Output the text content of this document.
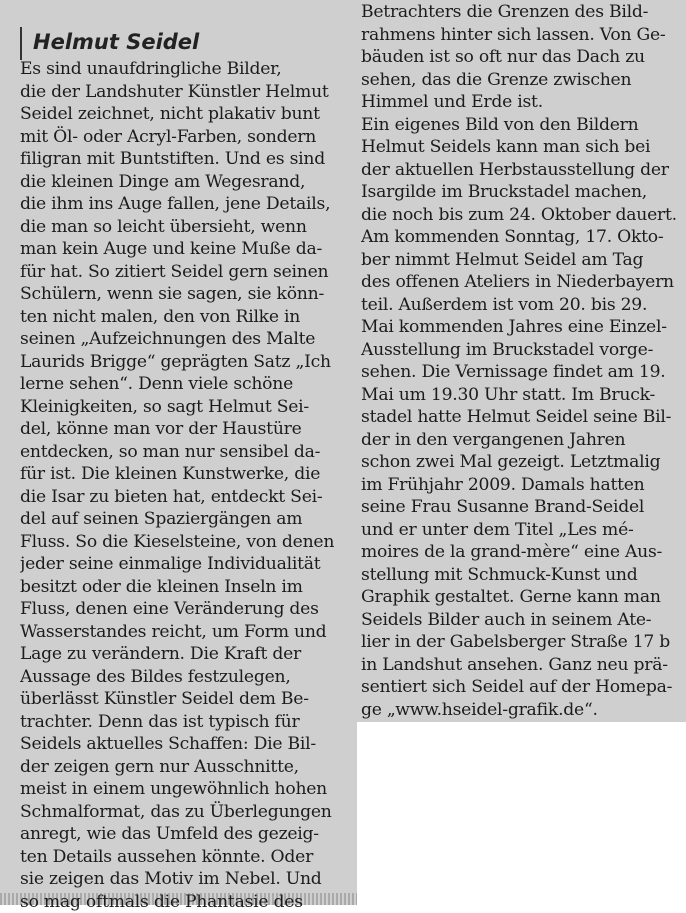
Helmut Seidel
Es sind unaufdringliche Bilder,
die der Landshuter Künstler Helmut
Seidel zeichnet, nicht plakativ bunt
mit Öl- oder Acryl-Farben, sondern
filigran mit Buntstiften. Und es sind
die kleinen Dinge am Wegesrand,
die ihm ins Auge fallen, jene Details,
die man so leicht übersieht, wenn
man kein Auge und keine Muße da-
für hat. So zitiert Seidel gern seinen
Schülern, wenn sie sagen, sie könn-
ten nicht malen, den von Rilke in
seinen „Aufzeichnungen des Malte
Laurids Brigge“ geprägten Satz „Ich
lerne sehen“. Denn viele schöne
Kleinigkeiten, so sagt Helmut Sei-
del, könne man vor der Haustüre
entdecken, so man nur sensibel da-
für ist. Die kleinen Kunstwerke, die
die Isar zu bieten hat, entdeckt Sei-
del auf seinen Spaziergängen am
Fluss. So die Kieselsteine, von denen
jeder seine einmalige Individualität
besitzt oder die kleinen Inseln im
Fluss, denen eine Veränderung des
Wasserstandes reicht, um Form und
Lage zu verändern. Die Kraft der
Aussage des Bildes festzulegen,
überlässt Künstler Seidel dem Be-
trachter. Denn das ist typisch für
Seidels aktuelles Schaffen: Die Bil-
der zeigen gern nur Ausschnitte,
meist in einem ungewöhnlich hohen
Schmalformat, das zu Überlegungen
anregt, wie das Umfeld des gezeig-
ten Details aussehen könnte. Oder
sie zeigen das Motiv im Nebel. Und
so mag oftmals die Phantasie des
Betrachters die Grenzen des Bild-
rahmens hinter sich lassen. Von Ge-
bäuden ist so oft nur das Dach zu
sehen, das die Grenze zwischen
Himmel und Erde ist.
Ein eigenes Bild von den Bildern
Helmut Seidels kann man sich bei
der aktuellen Herbstausstellung der
Isargilde im Bruckstadel machen,
die noch bis zum 24. Oktober dauert.
Am kommenden Sonntag, 17. Okto-
ber nimmt Helmut Seidel am Tag
des offenen Ateliers in Niederbayern
teil. Außerdem ist vom 20. bis 29.
Mai kommenden Jahres eine Einzel-
Ausstellung im Bruckstadel vorge-
sehen. Die Vernissage findet am 19.
Mai um 19.30 Uhr statt. Im Bruck-
stadel hatte Helmut Seidel seine Bil-
der in den vergangenen Jahren
schon zwei Mal gezeigt. Letztmalig
im Frühjahr 2009. Damals hatten
seine Frau Susanne Brand-Seidel
und er unter dem Titel „Les mé-
moires de la grand-mère“ eine Aus-
stellung mit Schmuck-Kunst und
Graphik gestaltet. Gerne kann man
Seidels Bilder auch in seinem Ate-
lier in der Gabelsberger Straße 17 b
in Landshut ansehen. Ganz neu prä-
sentiert sich Seidel auf der Homepa-
ge „www.hseidel-grafik.de“.
